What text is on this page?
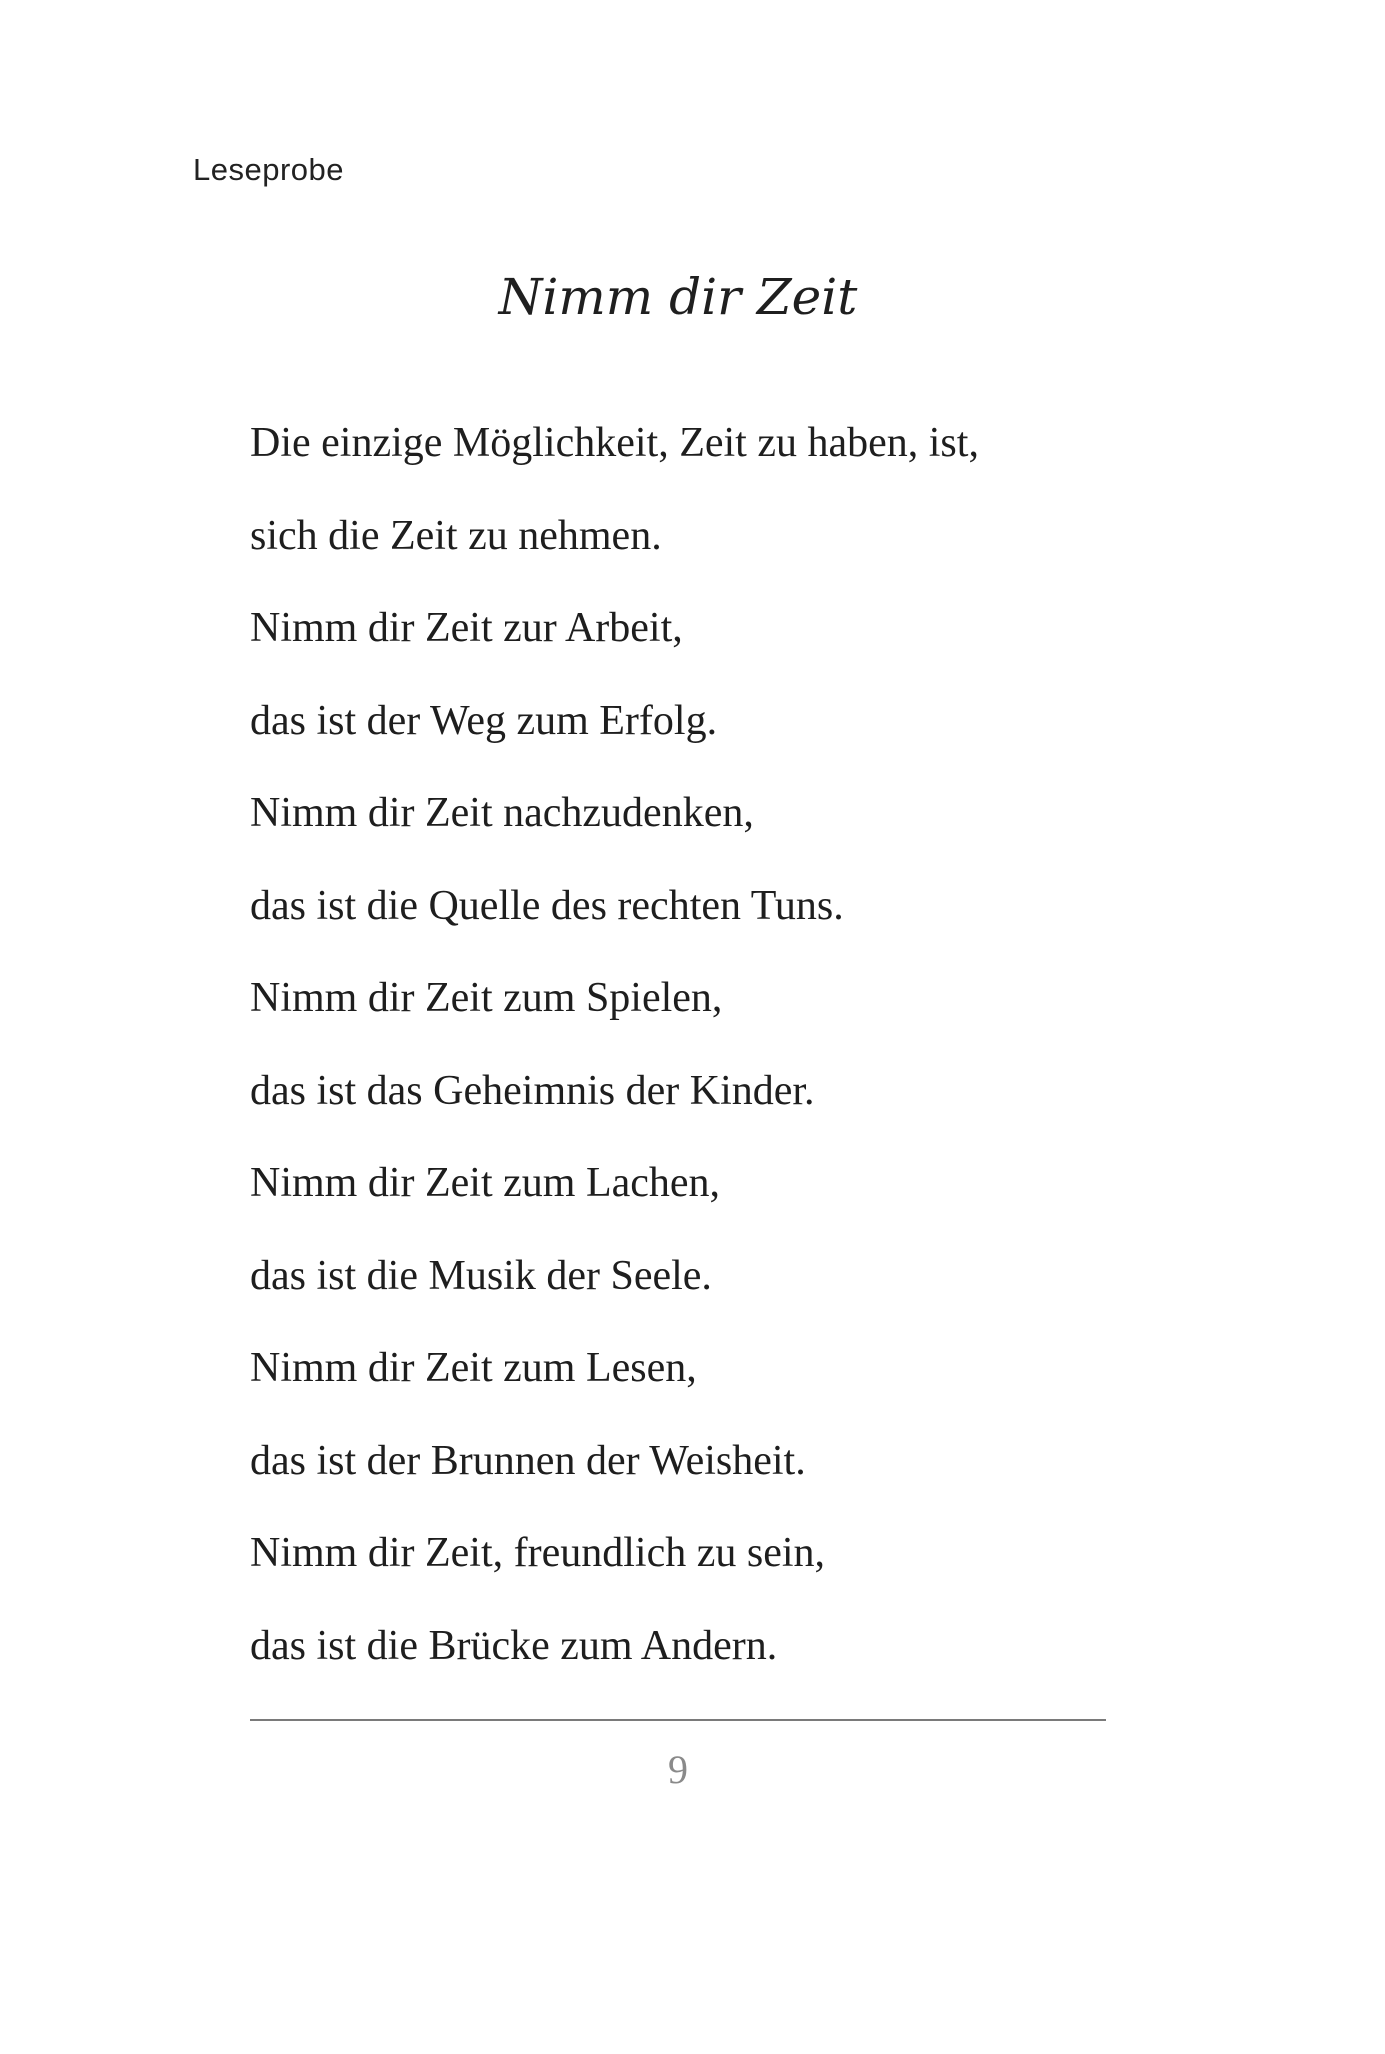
Leseprobe
Nimm dir Zeit
Die einzige Möglichkeit, Zeit zu haben, ist,
sich die Zeit zu nehmen.
Nimm dir Zeit zur Arbeit,
das ist der Weg zum Erfolg.
Nimm dir Zeit nachzudenken,
das ist die Quelle des rechten Tuns.
Nimm dir Zeit zum Spielen,
das ist das Geheimnis der Kinder.
Nimm dir Zeit zum Lachen,
das ist die Musik der Seele.
Nimm dir Zeit zum Lesen,
das ist der Brunnen der Weisheit.
Nimm dir Zeit, freundlich zu sein,
das ist die Brücke zum Andern.
9
